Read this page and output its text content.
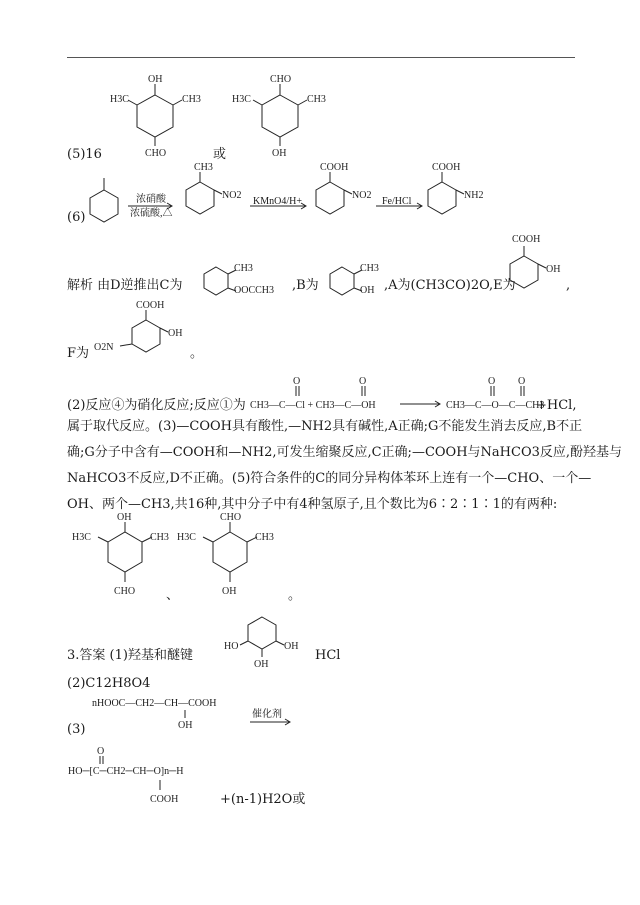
OH
H3C	CH3
CHO
CHO
H3C	CH3
OH
(5)16	或
(6)
浓硝酸
浓硫酸,△
CH3
NO2
KMnO4/H+
COOH
NO2
Fe/HCl
COOH
NH2
解析 由D逆推出C为
CH3
OOCCH3 ,B为
CH3
OH ,A为(CH3CO)2O,E为
COOH
OH
,
COOH
OH
O2N
F为	。
(2)反应④为硝化反应;反应①为 CH3—C—Cl + CH3—C—OH
O	O
CH3—C—O—C—CH3
O O
+HCl,
属于取代反应。(3)—COOH具有酸性,—NH2具有碱性,A正确;G不能发生消去反应,B不正
确;G分子中含有—COOH和—NH2,可发生缩聚反应,C正确;—COOH与NaHCO3反应,酚羟基与
NaHCO3不反应,D不正确。(5)符合条件的C的同分异构体苯环上连有一个—CHO、一个—
OH、两个—CH3,共16种,其中分子中有4种氢原子,且个数比为6∶2∶1∶1的有两种:
OH
H3C	CH3
CHO 、
CHO
H3C	CH3
OH	。
3.答案 (1)羟基和醚键
HO	OH
OH
HCl
(2)C12H8O4
nHOOC—CH2—CH—COOH
OH
催化剂
(3)
O
HO─[C─CH2─CH─O]n─H
COOH	+(n-1)H2O或
